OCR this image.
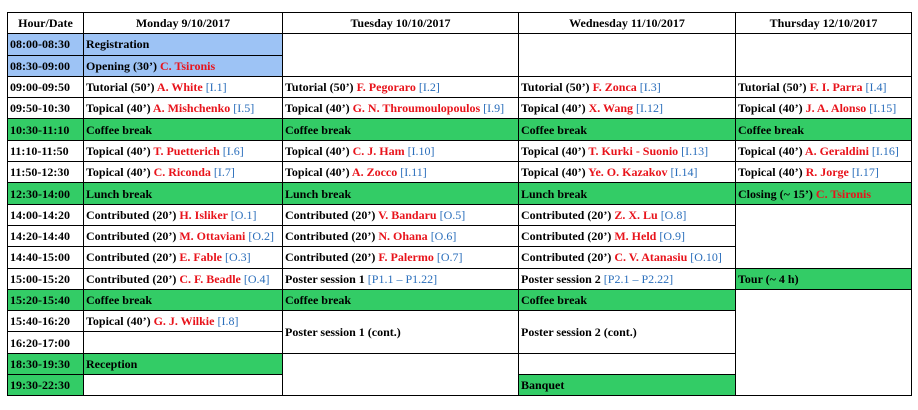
Hour/Date	Monday 9/10/2017	Tuesday 10/10/2017	Wednesday 11/10/2017	Thursday 12/10/2017
08:00-08:30	Registration			
08:30-09:00	Opening (30’) C. Tsironis			
09:00-09:50	Tutorial (50’) A. White [I.1]	Tutorial (50’) F. Pegoraro [I.2]	Tutorial (50’) F. Zonca [I.3]	Tutorial (50’) F. I. Parra [I.4]
09:50-10:30	Topical (40’) A. Mishchenko [I.5]	Topical (40’) G. N. Throumoulopoulos [I.9]	Topical (40’) X. Wang [I.12]	Topical (40’) J. A. Alonso [I.15]
10:30-11:10	Coffee break	Coffee break	Coffee break	Coffee break
11:10-11:50	Topical (40’) T. Puetterich [I.6]	Topical (40’) C. J. Ham [I.10]	Topical (40’) T. Kurki - Suonio [I.13]	Topical (40’) A. Geraldini [I.16]
11:50-12:30	Topical (40’) C. Riconda [I.7]	Topical (40’) A. Zocco [I.11]	Topical (40’) Ye. O. Kazakov [I.14]	Topical (40’) R. Jorge [I.17]
12:30-14:00	Lunch break	Lunch break	Lunch break	Closing (~ 15’) C. Tsironis
14:00-14:20	Contributed (20’) H. Isliker [O.1]	Contributed (20’) V. Bandaru [O.5]	Contributed (20’) Z. X. Lu [O.8]	
14:20-14:40	Contributed (20’) M. Ottaviani [O.2]	Contributed (20’) N. Ohana [O.6]	Contributed (20’) M. Held [O.9]	
14:40-15:00	Contributed (20’) E. Fable [O.3]	Contributed (20’) F. Palermo [O.7]	Contributed (20’) C. V. Atanasiu [O.10]	
15:00-15:20	Contributed (20’) C. F. Beadle [O.4]	Poster session 1 [P1.1 – P1.22]	Poster session 2 [P2.1 – P2.22]	Tour (~ 4 h)
15:20-15:40	Coffee break	Coffee break	Coffee break	
15:40-16:20	Topical (40’) G. J. Wilkie [I.8]	Poster session 1 (cont.)	Poster session 2 (cont.)	
16:20-17:00				
18:30-19:30	Reception			
19:30-22:30			Banquet	
